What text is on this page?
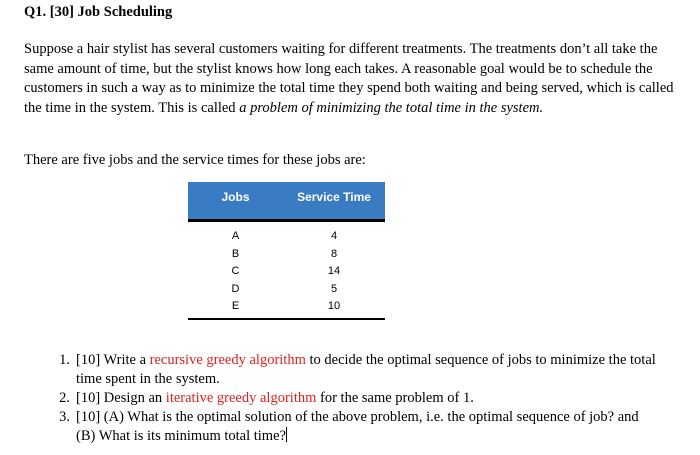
Q1. [30] Job Scheduling
Suppose a hair stylist has several customers waiting for different treatments. The treatments don’t all take the same amount of time, but the stylist knows how long each takes. A reasonable goal would be to schedule the customers in such a way as to minimize the total time they spend both waiting and being served, which is called the time in the system. This is called a problem of minimizing the total time in the system.
There are five jobs and the service times for these jobs are:
Jobs	Service Time
A	4
B	8
C	14
D	5
E	10
1. [10] Write a recursive greedy algorithm to decide the optimal sequence of jobs to minimize the total time spent in the system.
2. [10] Design an iterative greedy algorithm for the same problem of 1.
3. [10] (A) What is the optimal solution of the above problem, i.e. the optimal sequence of job? and (B) What is its minimum total time?
